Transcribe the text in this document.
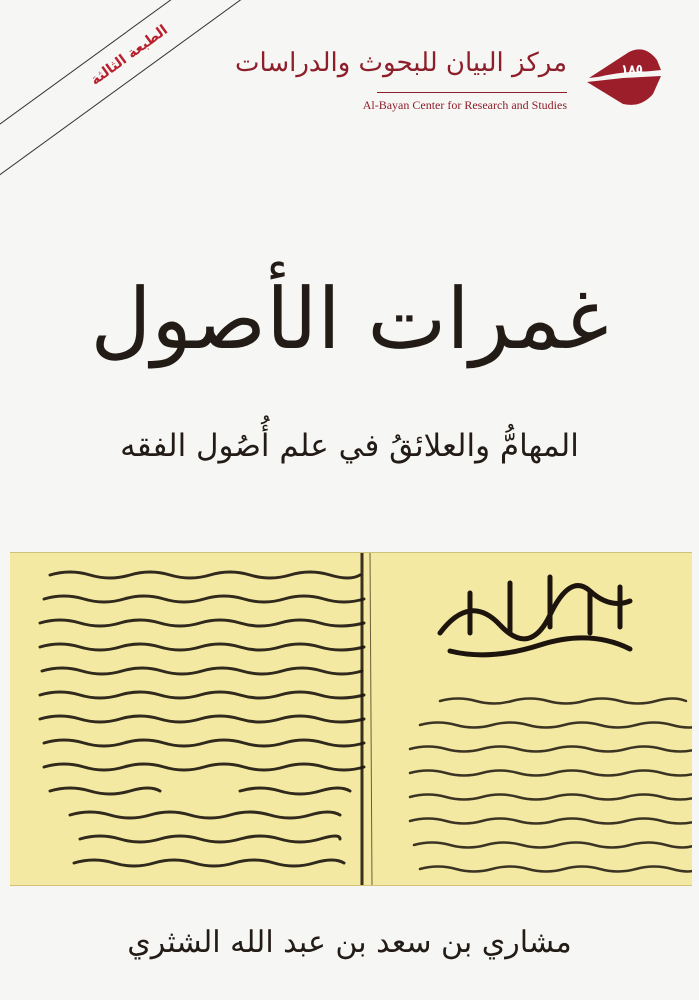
الطبعة الثالثة	١٨٥
مركز البيان للبحوث والدراسات
Al-Bayan Center for Research and Studies
غمرات الأصول
المهامُّ والعلائقُ في علم أُصُول الفقه
مشاري بن سعد بن عبد الله الشثري
